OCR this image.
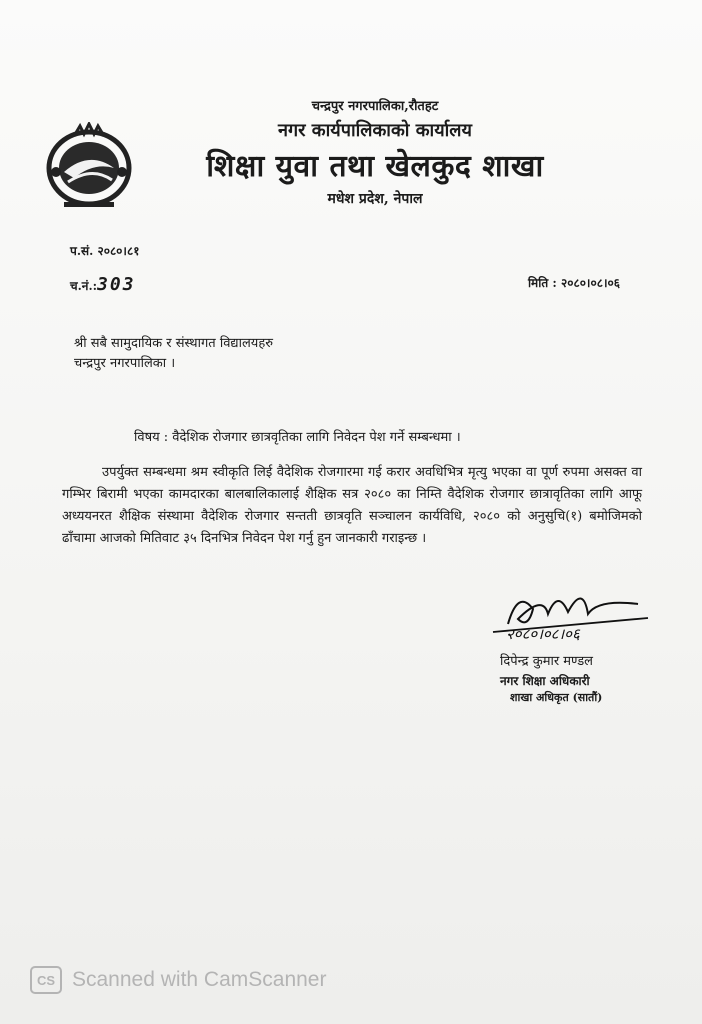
चन्द्रपुर नगरपालिका,रौतहट
नगर कार्यपालिकाको कार्यालय
शिक्षा युवा तथा खेलकुद शाखा
मधेश प्रदेश, नेपाल
प.सं. २०८०।८१
च.नं.:303	मिति : २०८०।०८।०६
श्री सबै सामुदायिक र संस्थागत विद्यालयहरु
चन्द्रपुर नगरपालिका ।
विषय : वैदेशिक रोजगार छात्रवृतिका लागि निवेदन पेश गर्ने सम्बन्धमा ।
उपर्युक्त सम्बन्धमा श्रम स्वीकृति लिई वैदेशिक रोजगारमा गई करार अवधिभित्र मृत्यु भएका वा पूर्ण रुपमा असक्त वा गम्भिर बिरामी भएका कामदारका बालबालिकालाई शैक्षिक सत्र २०८० का निम्ति वैदेशिक रोजगार छात्रावृतिका लागि आफू अध्ययनरत शैक्षिक संस्थामा वैदेशिक रोजगार सन्तती छात्रवृति सञ्चालन कार्यविधि, २०८० को अनुसुचि(१) बमोजिमको ढाँचामा आजको मितिवाट ३५ दिनभित्र निवेदन पेश गर्नु हुन जानकारी गराइन्छ ।
२०८०।०८।०६
दिपेन्द्र कुमार मण्डल
नगर शिक्षा अधिकारी
शाखा अधिकृत (सातौं)
CS Scanned with CamScanner
